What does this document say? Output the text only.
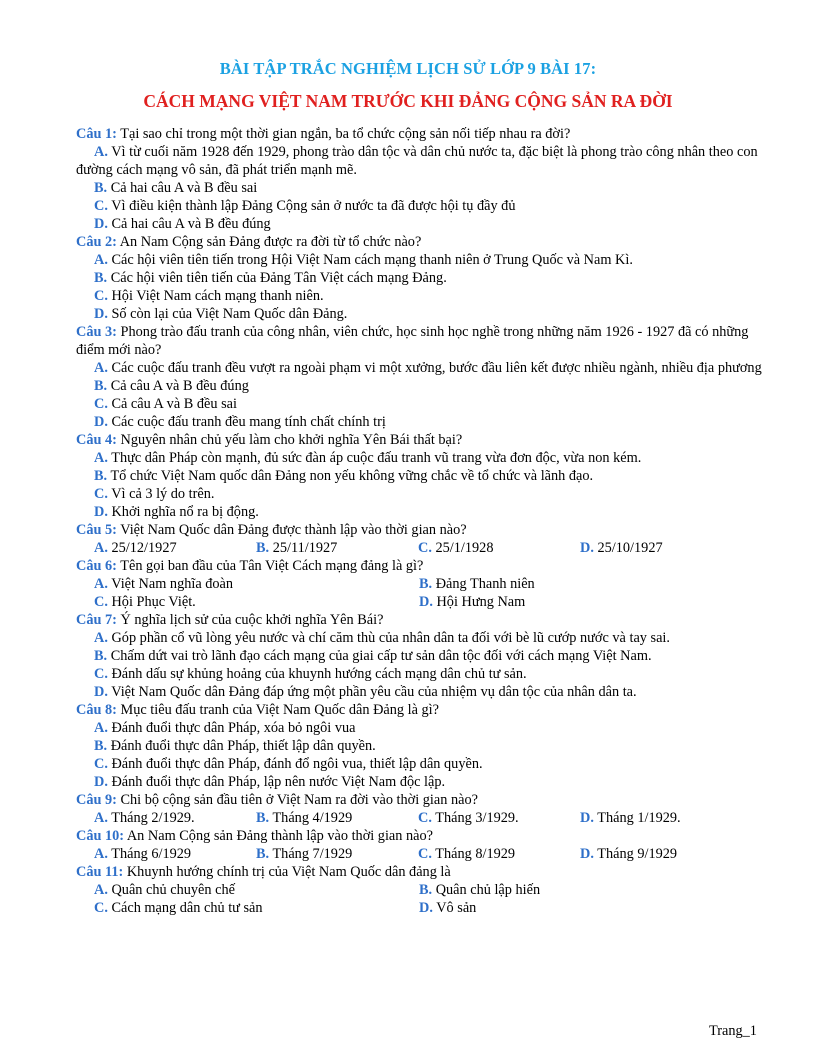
BÀI TẬP TRẮC NGHIỆM LỊCH SỬ LỚP 9 BÀI 17:
CÁCH MẠNG VIỆT NAM TRƯỚC KHI ĐẢNG CỘNG SẢN RA ĐỜI

Câu 1: Tại sao chỉ trong một thời gian ngắn, ba tổ chức cộng sản nối tiếp nhau ra đời?

A. Vì từ cuối năm 1928 đến 1929, phong trào dân tộc và dân chủ nước ta, đặc biệt là phong trào công nhân theo con đường cách mạng vô sản, đã phát triển mạnh mẽ.

B. Cả hai câu A và B đều sai

C. Vì điều kiện thành lập Đảng Cộng sản ở nước ta đã được hội tụ đầy đủ

D. Cả hai câu A và B đều đúng

Câu 2: An Nam Cộng sản Đảng được ra đời từ tổ chức nào?

A. Các hội viên tiên tiến trong Hội Việt Nam cách mạng thanh niên ở Trung Quốc và Nam Kì.

B. Các hội viên tiên tiến của Đảng Tân Việt cách mạng Đảng.

C. Hội Việt Nam cách mạng thanh niên.

D. Số còn lại của Việt Nam Quốc dân Đảng.

Câu 3: Phong trào đấu tranh của công nhân, viên chức, học sinh học nghề trong những năm 1926 - 1927 đã có những điểm mới nào?

A. Các cuộc đấu tranh đều vượt ra ngoài phạm vi một xưởng, bước đầu liên kết được nhiều ngành, nhiều địa phương

B. Cả câu A và B đều đúng

C. Cả câu A và B đều sai

D. Các cuộc đấu tranh đều mang tính chất chính trị

Câu 4: Nguyên nhân chủ yếu làm cho khởi nghĩa Yên Bái thất bại?

A. Thực dân Pháp còn mạnh, đủ sức đàn áp cuộc đấu tranh vũ trang vừa đơn độc, vừa non kém.

B. Tổ chức Việt Nam quốc dân Đảng non yếu không vững chắc về tổ chức và lãnh đạo.

C. Vì cả 3 lý do trên.

D. Khởi nghĩa nổ ra bị động.

Câu 5: Việt Nam Quốc dân Đảng được thành lập vào thời gian nào?

A. 25/12/1927	B. 25/11/1927	C. 25/1/1928	D. 25/10/1927

Câu 6: Tên gọi ban đầu của Tân Việt Cách mạng đảng là gì?

A. Việt Nam nghĩa đoàn	B. Đảng Thanh niên
C. Hội Phục Việt.	D. Hội Hưng Nam

Câu 7: Ý nghĩa lịch sử của cuộc khởi nghĩa Yên Bái?

A. Góp phần cổ vũ lòng yêu nước và chí căm thù của nhân dân ta đối với bè lũ cướp nước và tay sai.

B. Chấm dứt vai trò lãnh đạo cách mạng của giai cấp tư sản dân tộc đối với cách mạng Việt Nam.

C. Đánh dấu sự khủng hoảng của khuynh hướng cách mạng dân chủ tư sản.

D. Việt Nam Quốc dân Đảng đáp ứng một phần yêu cầu của nhiệm vụ dân tộc của nhân dân ta.

Câu 8: Mục tiêu đấu tranh của Việt Nam Quốc dân Đảng là gì?

A. Đánh đuổi thực dân Pháp, xóa bỏ ngôi vua

B. Đánh đuổi thực dân Pháp, thiết lập dân quyền.

C. Đánh đuổi thực dân Pháp, đánh đổ ngôi vua, thiết lập dân quyền.

D. Đánh đuổi thực dân Pháp, lập nên nước Việt Nam độc lập.

Câu 9: Chi bộ cộng sản đầu tiên ở Việt Nam ra đời vào thời gian nào?

A. Tháng 2/1929.	B. Tháng 4/1929	C. Tháng 3/1929.	D. Tháng 1/1929.

Câu 10: An Nam Cộng sản Đảng thành lập vào thời gian nào?

A. Tháng 6/1929	B. Tháng 7/1929	C. Tháng 8/1929	D. Tháng 9/1929

Câu 11: Khuynh hướng chính trị của Việt Nam Quốc dân đảng là

A. Quân chủ chuyên chế	B. Quân chủ lập hiến
C. Cách mạng dân chủ tư sản	D. Vô sản
Trang_1
